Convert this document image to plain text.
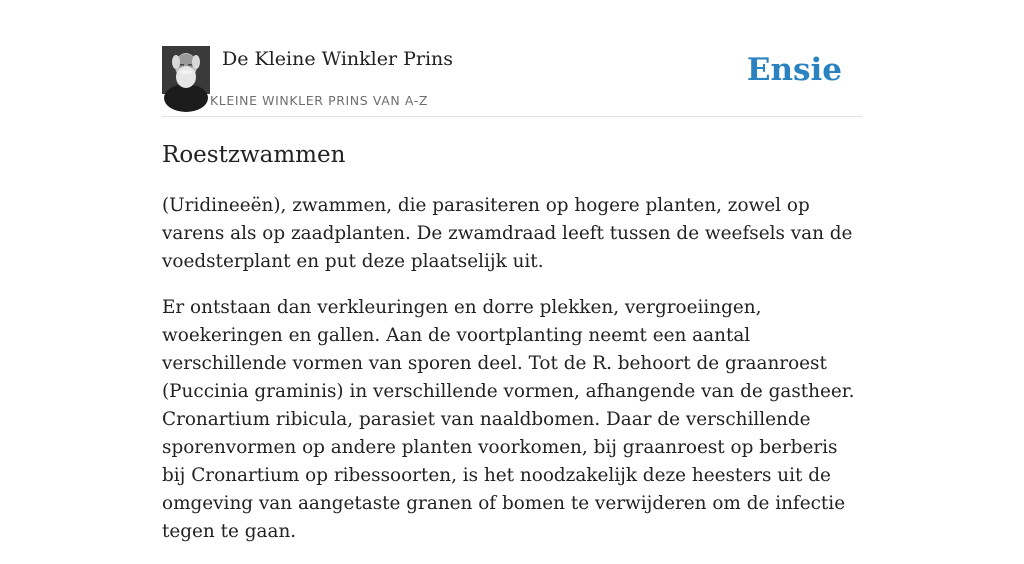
De Kleine Winkler Prins
KLEINE WINKLER PRINS VAN A-Z
Ensie
Roestzwammen

(Uridineeën), zwammen, die parasiteren op hogere planten, zowel op varens als op zaadplanten. De zwamdraad leeft tussen de weefsels van de voedsterplant en put deze plaatselijk uit.

Er ontstaan dan verkleuringen en dorre plekken, vergroeiingen, woekeringen en gallen. Aan de voortplanting neemt een aantal verschillende vormen van sporen deel. Tot de R. behoort de graanroest (Puccinia graminis) in verschillende vormen, afhangende van de gastheer. Cronartium ribicula, parasiet van naaldbomen. Daar de verschillende sporenvormen op andere planten voorkomen, bij graanroest op berberis bij Cronartium op ribessoorten, is het noodzakelijk deze heesters uit de omgeving van aangetaste granen of bomen te verwijderen om de infectie tegen te gaan.
